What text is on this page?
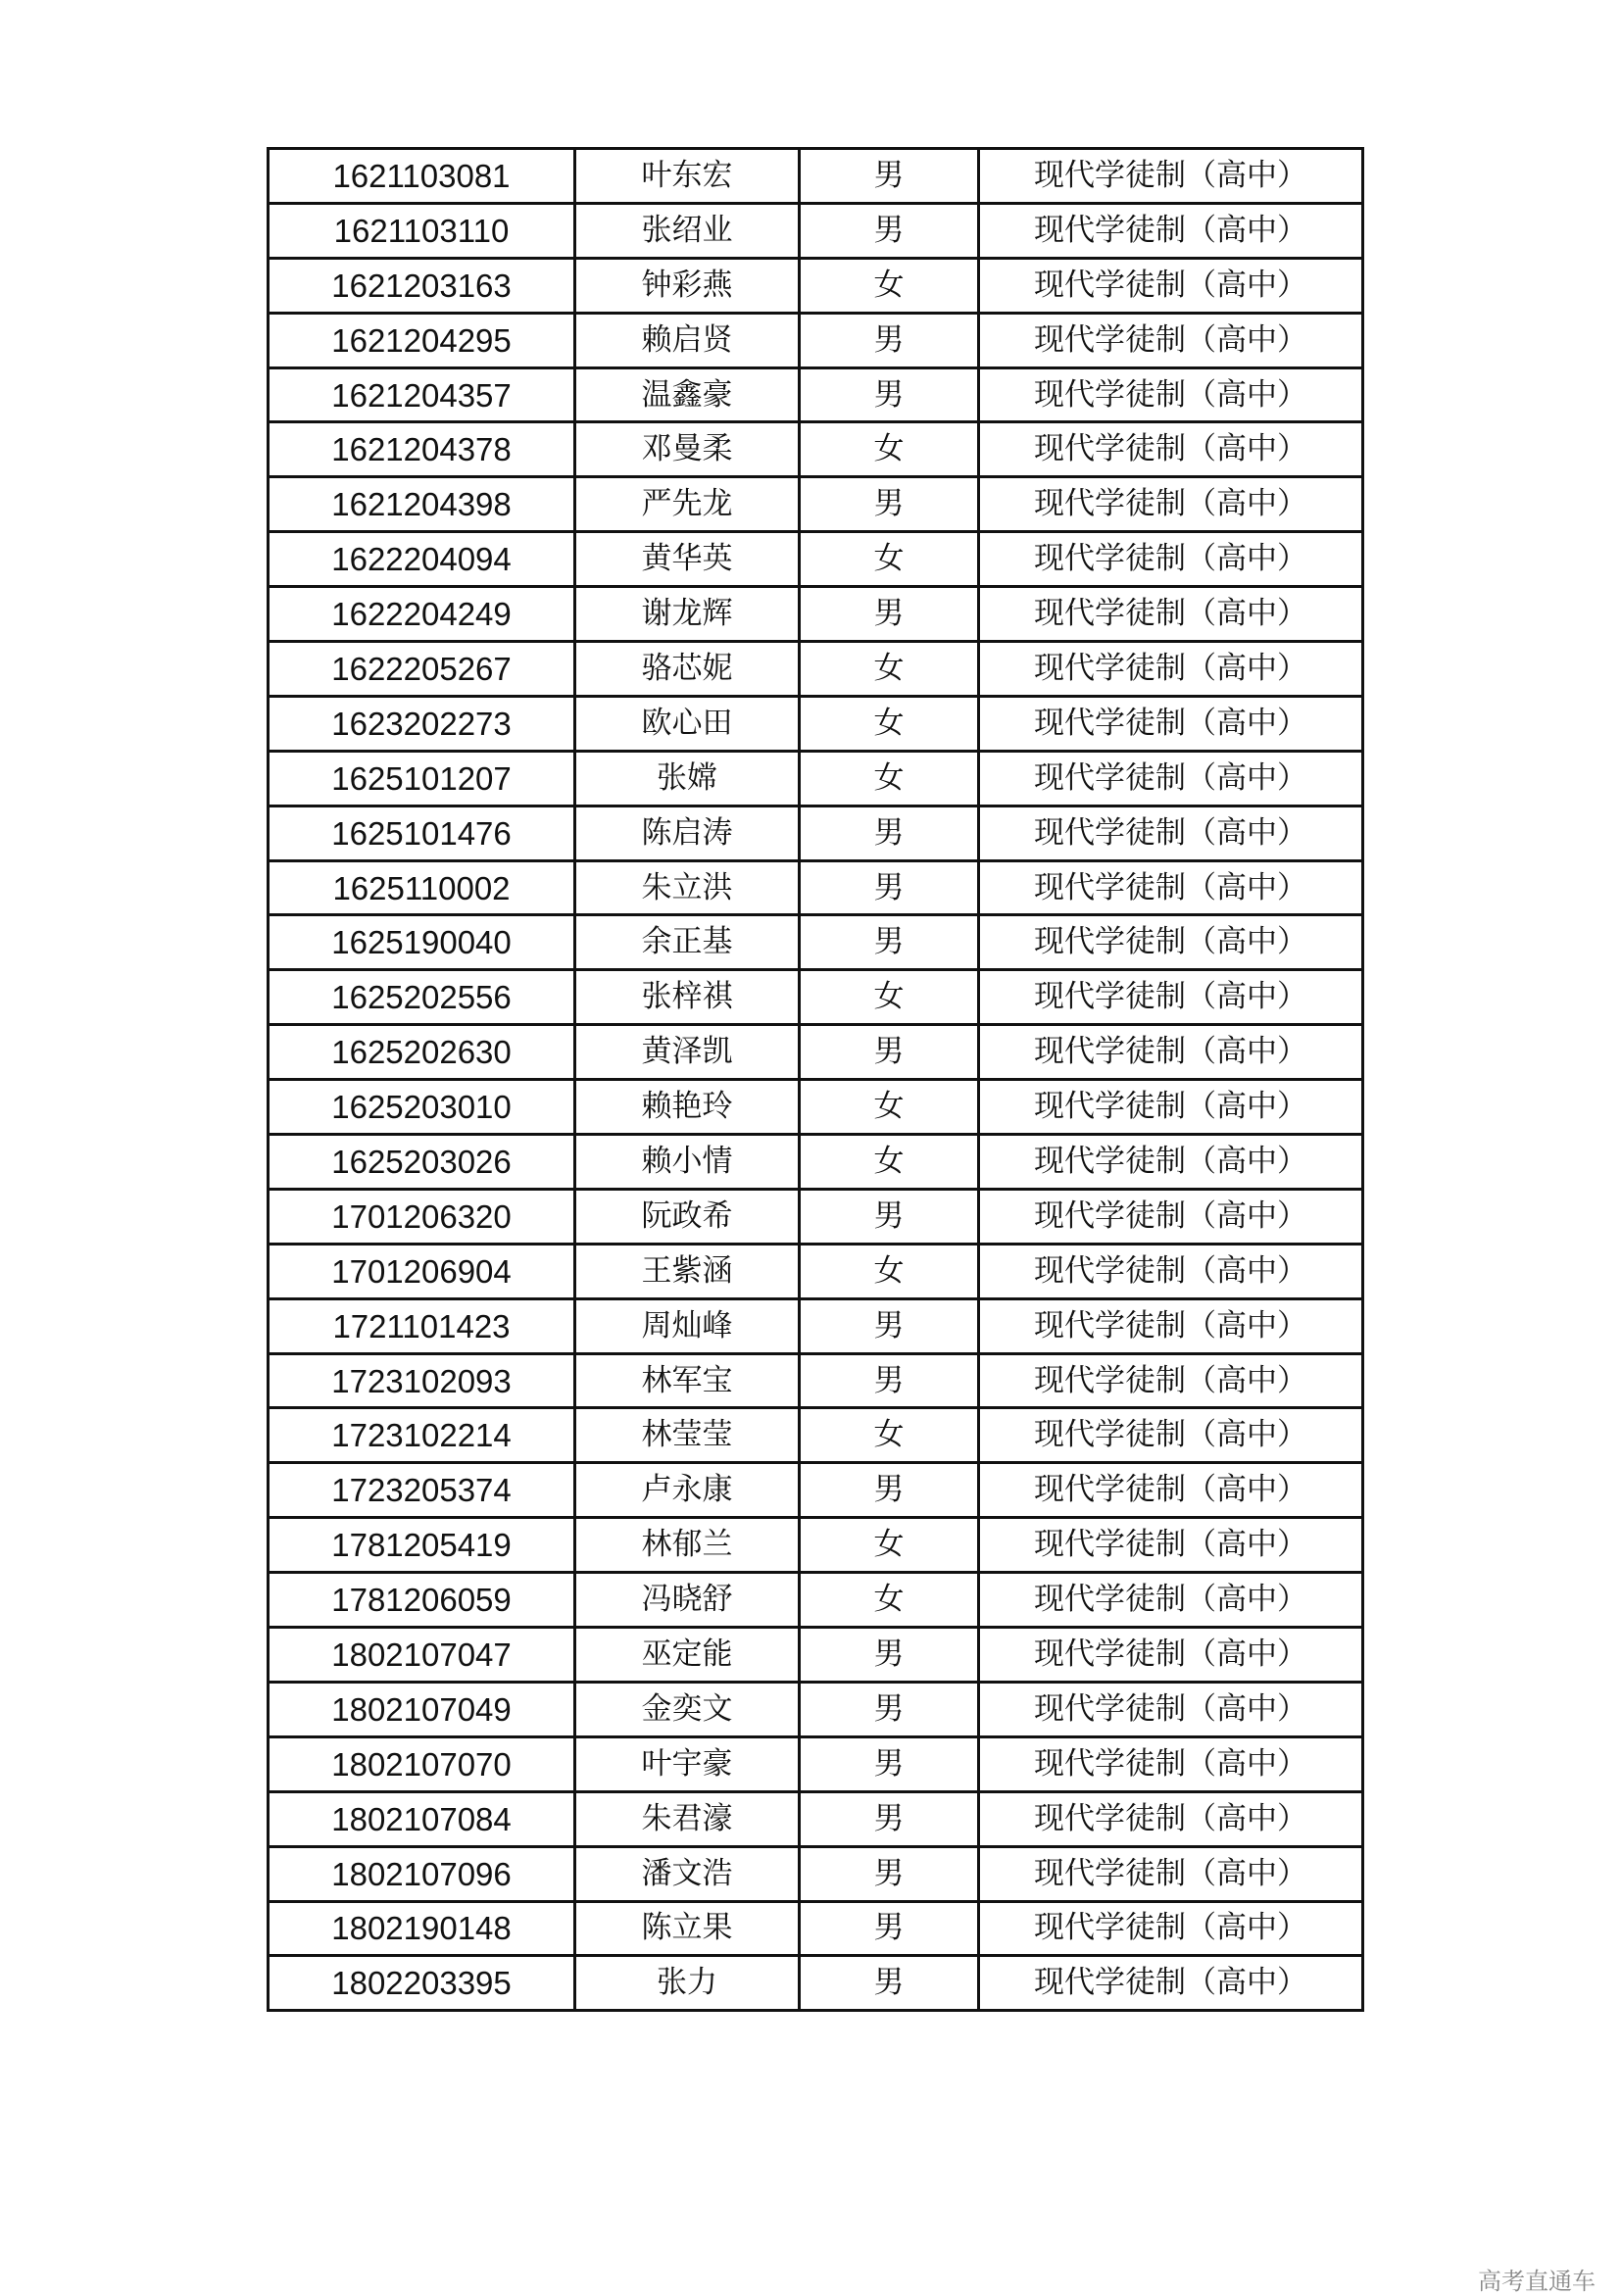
1621103081	叶东宏	男	现代学徒制（高中）
1621103110	张绍业	男	现代学徒制（高中）
1621203163	钟彩燕	女	现代学徒制（高中）
1621204295	赖启贤	男	现代学徒制（高中）
1621204357	温鑫豪	男	现代学徒制（高中）
1621204378	邓曼柔	女	现代学徒制（高中）
1621204398	严先龙	男	现代学徒制（高中）
1622204094	黄华英	女	现代学徒制（高中）
1622204249	谢龙辉	男	现代学徒制（高中）
1622205267	骆芯妮	女	现代学徒制（高中）
1623202273	欧心田	女	现代学徒制（高中）
1625101207	张嫦	女	现代学徒制（高中）
1625101476	陈启涛	男	现代学徒制（高中）
1625110002	朱立洪	男	现代学徒制（高中）
1625190040	余正基	男	现代学徒制（高中）
1625202556	张梓祺	女	现代学徒制（高中）
1625202630	黄泽凯	男	现代学徒制（高中）
1625203010	赖艳玲	女	现代学徒制（高中）
1625203026	赖小情	女	现代学徒制（高中）
1701206320	阮政希	男	现代学徒制（高中）
1701206904	王紫涵	女	现代学徒制（高中）
1721101423	周灿峰	男	现代学徒制（高中）
1723102093	林军宝	男	现代学徒制（高中）
1723102214	林莹莹	女	现代学徒制（高中）
1723205374	卢永康	男	现代学徒制（高中）
1781205419	林郁兰	女	现代学徒制（高中）
1781206059	冯晓舒	女	现代学徒制（高中）
1802107047	巫定能	男	现代学徒制（高中）
1802107049	金奕文	男	现代学徒制（高中）
1802107070	叶宇豪	男	现代学徒制（高中）
1802107084	朱君濠	男	现代学徒制（高中）
1802107096	潘文浩	男	现代学徒制（高中）
1802190148	陈立果	男	现代学徒制（高中）
1802203395	张力	男	现代学徒制（高中）
高考直通车
